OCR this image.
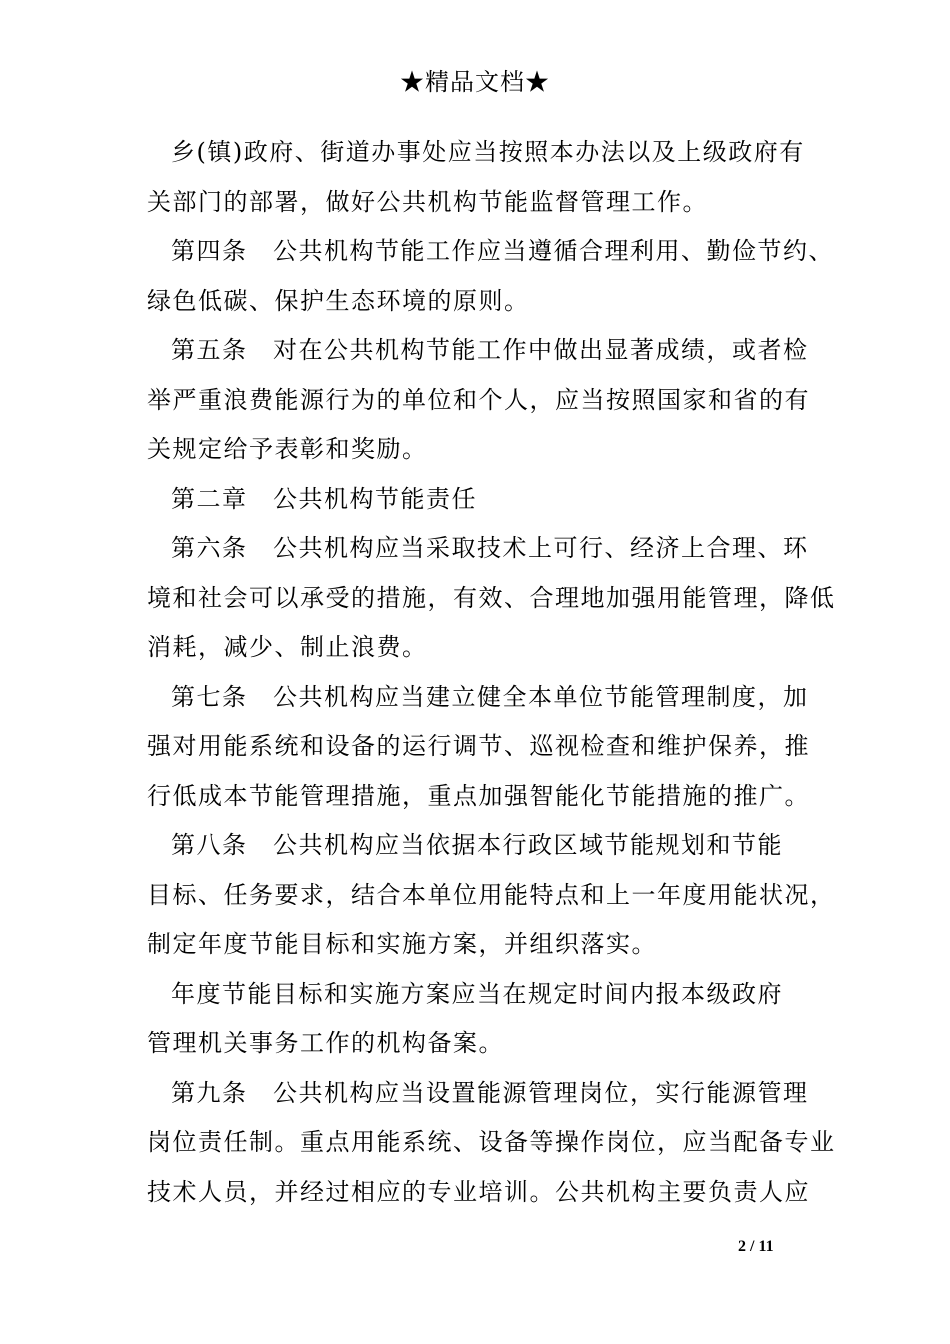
★精品文档★
乡(镇)政府、街道办事处应当按照本办法以及上级政府有
关部门的部署，做好公共机构节能监督管理工作。
第四条　公共机构节能工作应当遵循合理利用、勤俭节约、
绿色低碳、保护生态环境的原则。
第五条　对在公共机构节能工作中做出显著成绩，或者检
举严重浪费能源行为的单位和个人，应当按照国家和省的有
关规定给予表彰和奖励。
第二章　公共机构节能责任
第六条　公共机构应当采取技术上可行、经济上合理、环
境和社会可以承受的措施，有效、合理地加强用能管理，降低
消耗，减少、制止浪费。
第七条　公共机构应当建立健全本单位节能管理制度，加
强对用能系统和设备的运行调节、巡视检查和维护保养，推
行低成本节能管理措施，重点加强智能化节能措施的推广。
第八条　公共机构应当依据本行政区域节能规划和节能
目标、任务要求，结合本单位用能特点和上一年度用能状况，
制定年度节能目标和实施方案，并组织落实。
年度节能目标和实施方案应当在规定时间内报本级政府
管理机关事务工作的机构备案。
第九条　公共机构应当设置能源管理岗位，实行能源管理
岗位责任制。重点用能系统、设备等操作岗位，应当配备专业
技术人员，并经过相应的专业培训。公共机构主要负责人应
2 / 11
